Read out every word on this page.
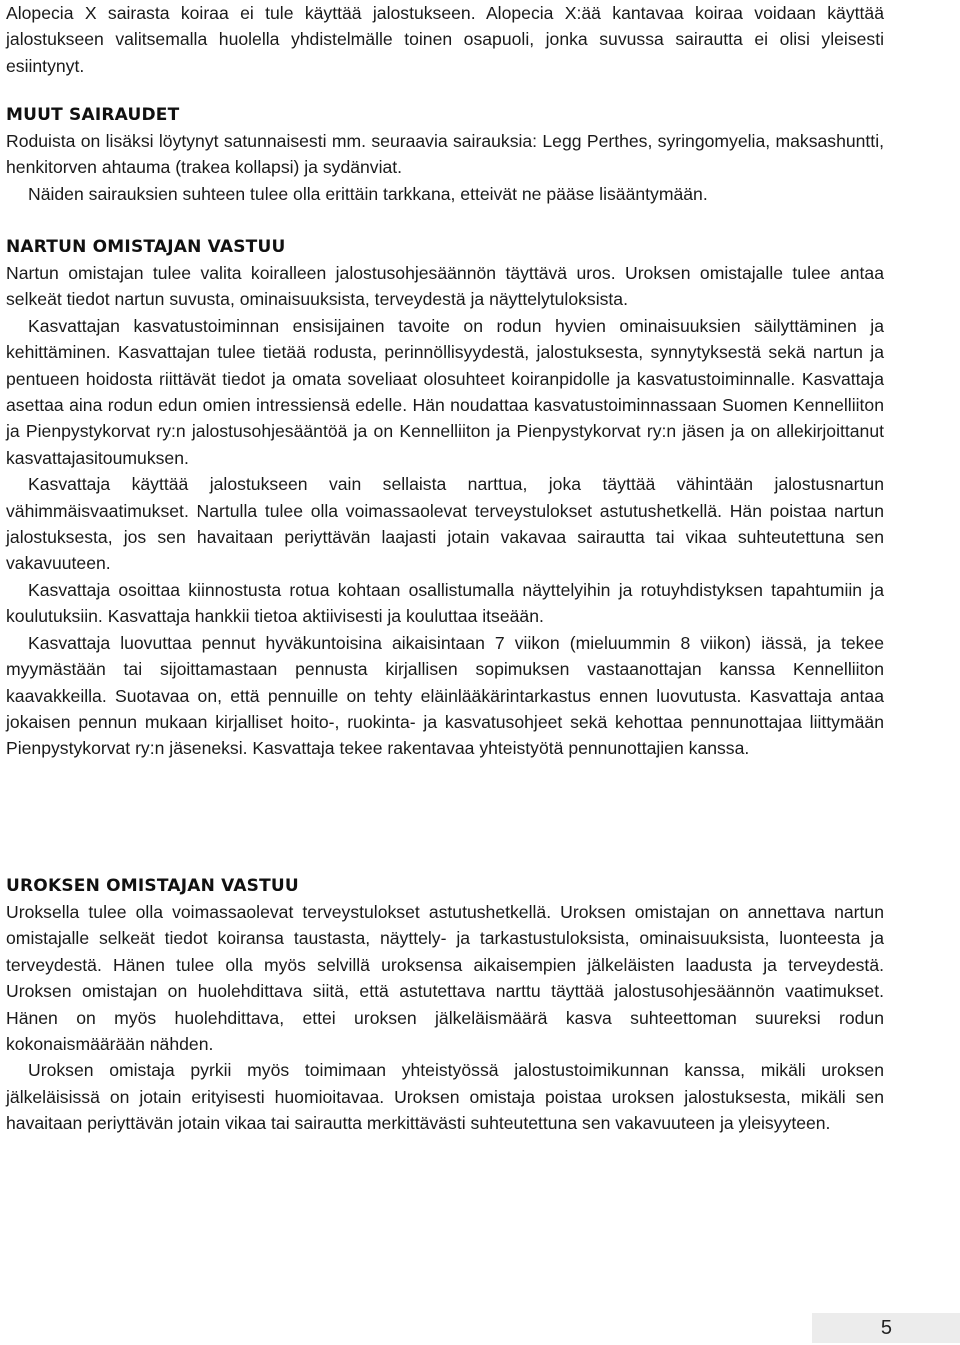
Alopecia X sairasta koiraa ei tule käyttää jalostukseen. Alopecia X:ää kantavaa koiraa voidaan käyttää jalostukseen valitsemalla huolella yhdistelmälle toinen osapuoli, jonka suvussa sairautta ei olisi yleisesti esiintynyt.

MUUT SAIRAUDET

Roduista on lisäksi löytynyt satunnaisesti mm. seuraavia sairauksia: Legg Perthes, syringomyelia, maksashuntti, henkitorven ahtauma (trakea kollapsi) ja sydänviat.

Näiden sairauksien suhteen tulee olla erittäin tarkkana, etteivät ne pääse lisääntymään.

NARTUN OMISTAJAN VASTUU

Nartun omistajan tulee valita koiralleen jalostusohjesäännön täyttävä uros. Uroksen omistajalle tulee antaa selkeät tiedot nartun suvusta, ominaisuuksista, terveydestä ja näyttelytuloksista.

Kasvattajan kasvatustoiminnan ensisijainen tavoite on rodun hyvien ominaisuuksien säilyttäminen ja kehittäminen. Kasvattajan tulee tietää rodusta, perinnöllisyydestä, jalostuksesta, synnytyksestä sekä nartun ja pentueen hoidosta riittävät tiedot ja omata soveliaat olosuhteet koiranpidolle ja kasvatustoiminnalle. Kasvattaja asettaa aina rodun edun omien intressiensä edelle. Hän noudattaa kasvatustoiminnassaan Suomen Kennelliiton ja Pienpystykorvat ry:n jalostusohjesääntöä ja on Kennelliiton ja Pienpystykorvat ry:n jäsen ja on allekirjoittanut kasvattajasitoumuksen.

Kasvattaja käyttää jalostukseen vain sellaista narttua, joka täyttää vähintään jalostusnartun vähimmäisvaatimukset. Nartulla tulee olla voimassaolevat terveystulokset astutushetkellä. Hän poistaa nartun jalostuksesta, jos sen havaitaan periyttävän laajasti jotain vakavaa sairautta tai vikaa suhteutettuna sen vakavuuteen.

Kasvattaja osoittaa kiinnostusta rotua kohtaan osallistumalla näyttelyihin ja rotuyhdistyksen tapahtumiin ja koulutuksiin. Kasvattaja hankkii tietoa aktiivisesti ja kouluttaa itseään.

Kasvattaja luovuttaa pennut hyväkuntoisina aikaisintaan 7 viikon (mieluummin 8 viikon) iässä, ja tekee myymästään tai sijoittamastaan pennusta kirjallisen sopimuksen vastaanottajan kanssa Kennelliiton kaavakkeilla. Suotavaa on, että pennuille on tehty eläinlääkärintarkastus ennen luovutusta. Kasvattaja antaa jokaisen pennun mukaan kirjalliset hoito-, ruokinta- ja kasvatusohjeet sekä kehottaa pennunottajaa liittymään Pienpystykorvat ry:n jäseneksi. Kasvattaja tekee rakentavaa yhteistyötä pennunottajien kanssa.

UROKSEN OMISTAJAN VASTUU

Uroksella tulee olla voimassaolevat terveystulokset astutushetkellä. Uroksen omistajan on annettava nartun omistajalle selkeät tiedot koiransa taustasta, näyttely- ja tarkastustuloksista, ominaisuuksista, luonteesta ja terveydestä. Hänen tulee olla myös selvillä uroksensa aikaisempien jälkeläisten laadusta ja terveydestä. Uroksen omistajan on huolehdittava siitä, että astutettava narttu täyttää jalostusohjesäännön vaatimukset. Hänen on myös huolehdittava, ettei uroksen jälkeläismäärä kasva suhteettoman suureksi rodun kokonaismäärään nähden.

Uroksen omistaja pyrkii myös toimimaan yhteistyössä jalostustoimikunnan kanssa, mikäli uroksen jälkeläisissä on jotain erityisesti huomioitavaa. Uroksen omistaja poistaa uroksen jalostuksesta, mikäli sen havaitaan periyttävän jotain vikaa tai sairautta merkittävästi suhteutettuna sen vakavuuteen ja yleisyyteen.

5
